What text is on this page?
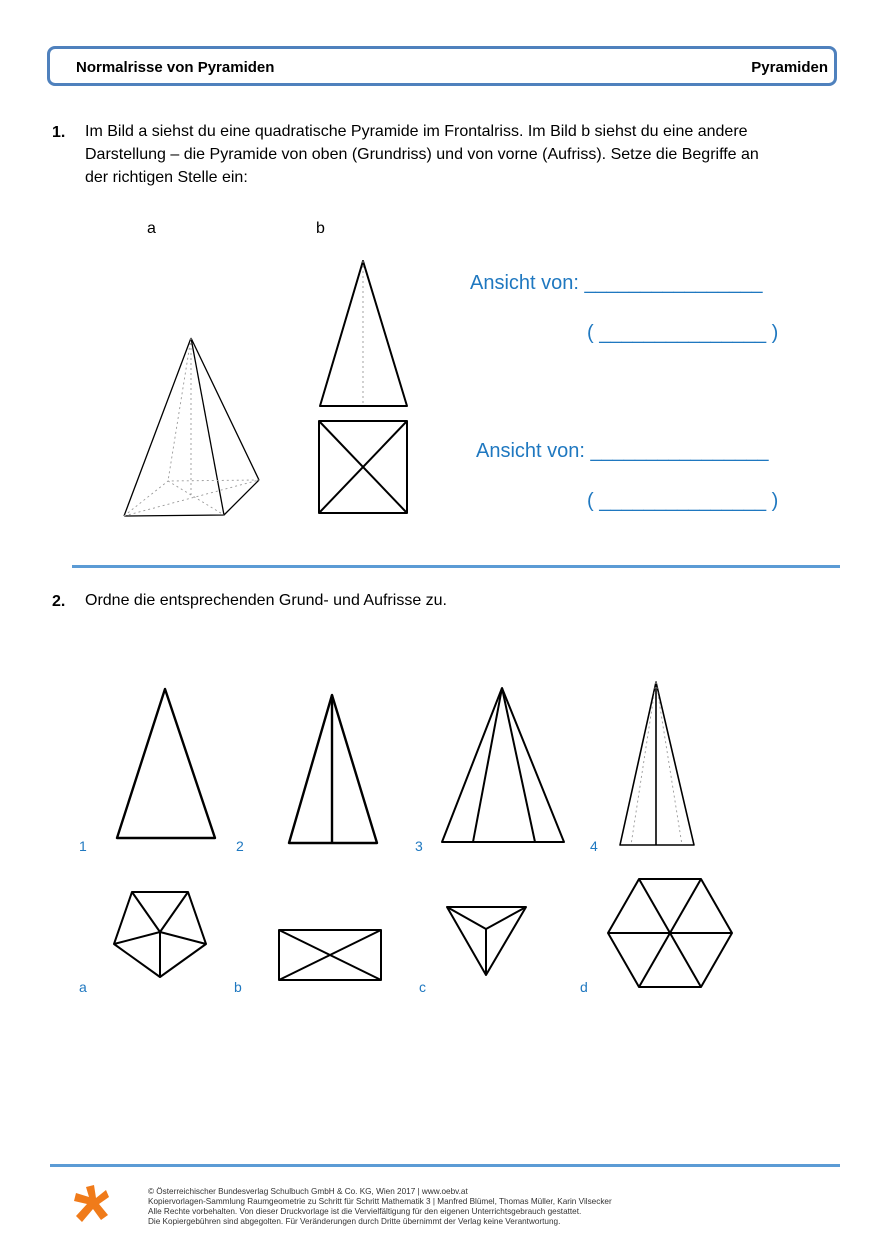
Normalrisse von Pyramiden	Pyramiden
1. Im Bild a siehst du eine quadratische Pyramide im Frontalriss. Im Bild b siehst du eine andere
Darstellung – die Pyramide von oben (Grundriss) und von vorne (Aufriss). Setze die Begriffe an
der richtigen Stelle ein:
a	b
Ansicht von: ________________
( _______________ )
Ansicht von: ________________
( _______________ )
2. Ordne die entsprechenden Grund- und Aufrisse zu.
1	2	3	4
a	b	c	d
© Österreichischer Bundesverlag Schulbuch GmbH & Co. KG, Wien 2017 | www.oebv.at
Kopiervorlagen-Sammlung Raumgeometrie zu Schritt für Schritt Mathematik 3 | Manfred Blümel, Thomas Müller, Karin Vilsecker
Alle Rechte vorbehalten. Von dieser Druckvorlage ist die Vervielfältigung für den eigenen Unterrichtsgebrauch gestattet.
Die Kopiergebühren sind abgegolten. Für Veränderungen durch Dritte übernimmt der Verlag keine Verantwortung.
